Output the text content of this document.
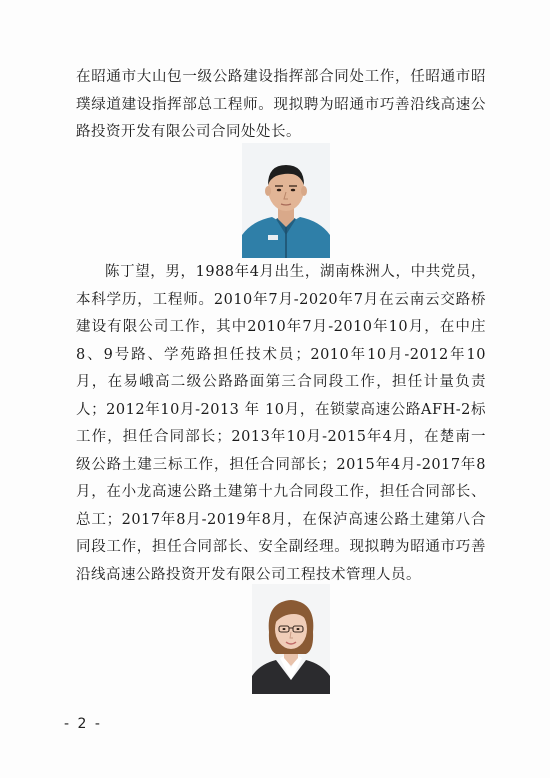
在昭通市大山包一级公路建设指挥部合同处工作，任昭通市昭璞绿道建设指挥部总工程师。现拟聘为昭通市巧善沿线高速公路投资开发有限公司合同处处长。

陈丁望，男，1988年4月出生，湖南株洲人，中共党员，本科学历，工程师。2010年7月-2020年7月在云南云交路桥建设有限公司工作，其中2010年7月-2010年10月，在中庄8、9号路、学苑路担任技术员；2010年10月-2012年10月，在易峨高二级公路路面第三合同段工作，担任计量负责人；2012年10月-2013 年 10月，在锁蒙高速公路AFH-2标工作，担任合同部长；2013年10月-2015年4月，在楚南一级公路土建三标工作，担任合同部长；2015年4月-2017年8月，在小龙高速公路土建第十九合同段工作，担任合同部长、总工；2017年8月-2019年8月，在保泸高速公路土建第八合同段工作，担任合同部长、安全副经理。现拟聘为昭通市巧善沿线高速公路投资开发有限公司工程技术管理人员。

- 2 -
